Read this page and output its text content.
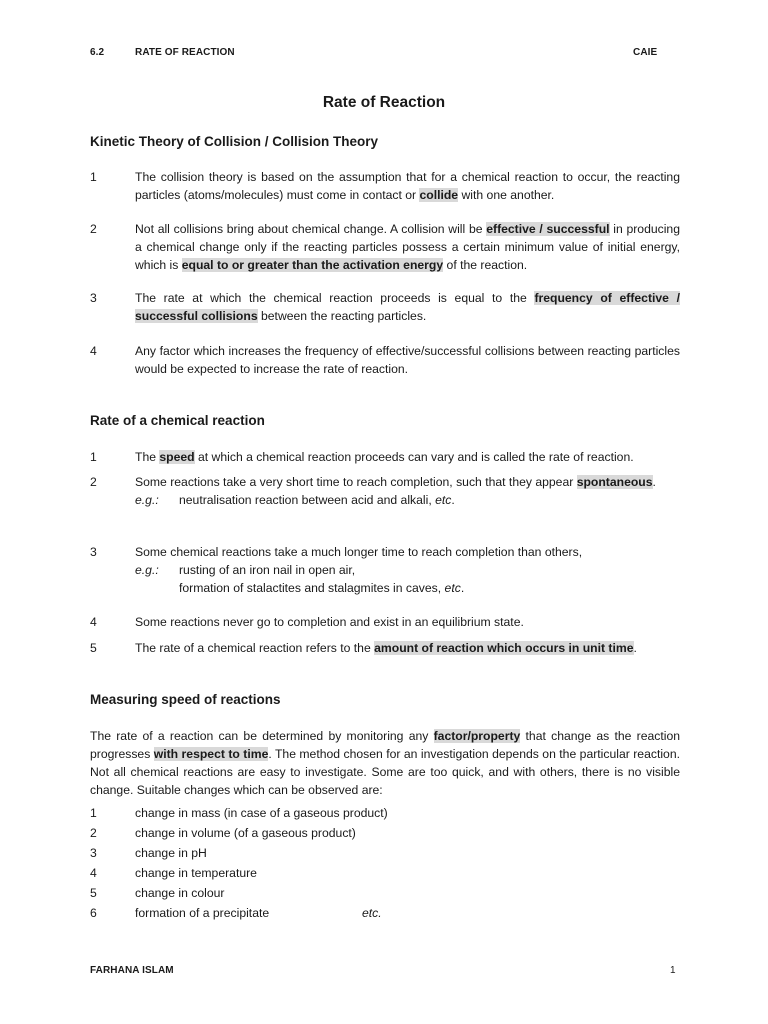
6.2	RATE OF REACTION	CAIE
Rate of Reaction
Kinetic Theory of Collision / Collision Theory
1	The collision theory is based on the assumption that for a chemical reaction to occur, the reacting particles (atoms/molecules) must come in contact or collide with one another.
2	Not all collisions bring about chemical change. A collision will be effective / successful in producing a chemical change only if the reacting particles possess a certain minimum value of initial energy, which is equal to or greater than the activation energy of the reaction.
3	The rate at which the chemical reaction proceeds is equal to the frequency of effective / successful collisions between the reacting particles.
4	Any factor which increases the frequency of effective/successful collisions between reacting particles would be expected to increase the rate of reaction.
Rate of a chemical reaction
1	The speed at which a chemical reaction proceeds can vary and is called the rate of reaction.
2	Some reactions take a very short time to reach completion, such that they appear spontaneous.
e.g.: neutralisation reaction between acid and alkali, etc.
3	Some chemical reactions take a much longer time to reach completion than others,
e.g.: rusting of an iron nail in open air,
formation of stalactites and stalagmites in caves, etc.
4	Some reactions never go to completion and exist in an equilibrium state.
5	The rate of a chemical reaction refers to the amount of reaction which occurs in unit time.
Measuring speed of reactions
The rate of a reaction can be determined by monitoring any factor/property that change as the reaction progresses with respect to time. The method chosen for an investigation depends on the particular reaction. Not all chemical reactions are easy to investigate. Some are too quick, and with others, there is no visible change. Suitable changes which can be observed are:
1	change in mass (in case of a gaseous product)
2	change in volume (of a gaseous product)
3	change in pH
4	change in temperature
5	change in colour
6	formation of a precipitate	etc.
FARHANA ISLAM	1
